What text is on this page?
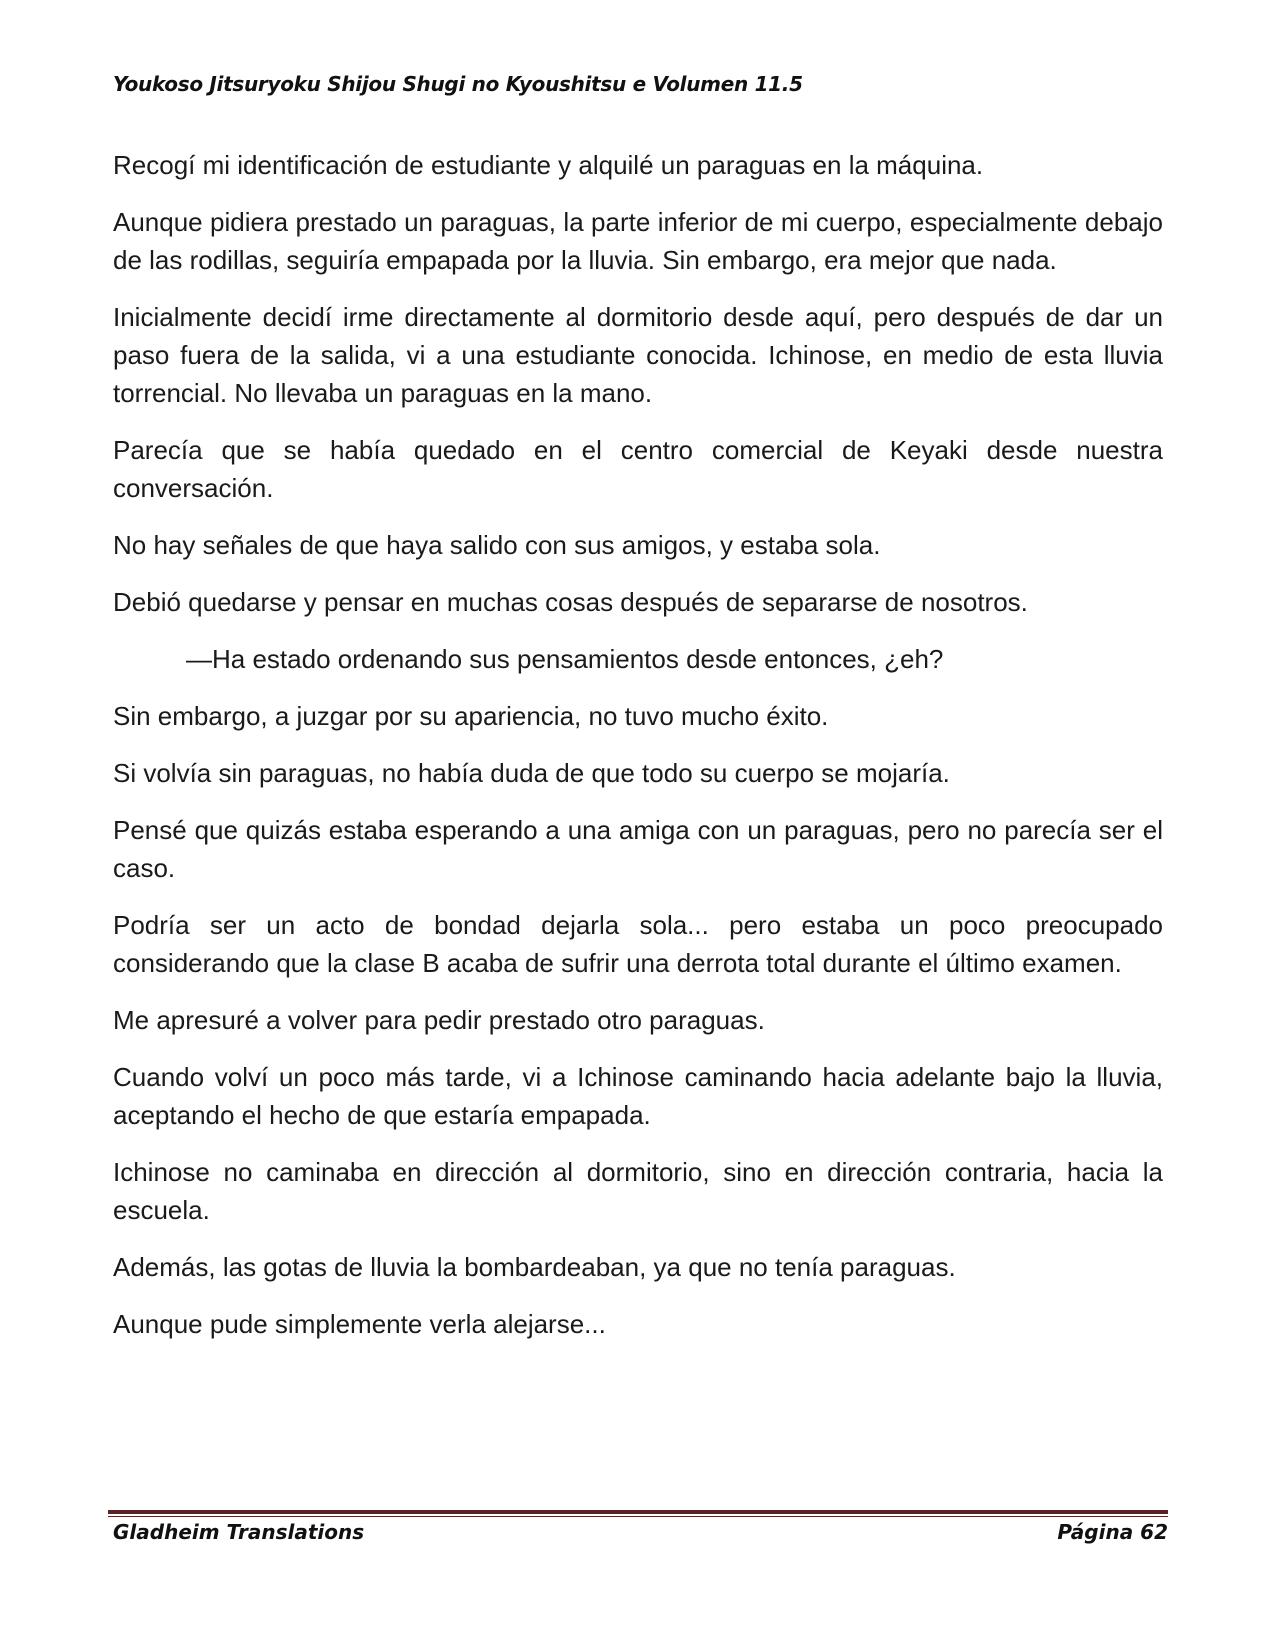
Youkoso Jitsuryoku Shijou Shugi no Kyoushitsu e Volumen 11.5

Recogí mi identificación de estudiante y alquilé un paraguas en la máquina.

Aunque pidiera prestado un paraguas, la parte inferior de mi cuerpo, especialmente debajo de las rodillas, seguiría empapada por la lluvia. Sin embargo, era mejor que nada.

Inicialmente decidí irme directamente al dormitorio desde aquí, pero después de dar un paso fuera de la salida, vi a una estudiante conocida. Ichinose, en medio de esta lluvia torrencial. No llevaba un paraguas en la mano.

Parecía que se había quedado en el centro comercial de Keyaki desde nuestra conversación.

No hay señales de que haya salido con sus amigos, y estaba sola.

Debió quedarse y pensar en muchas cosas después de separarse de nosotros.

—Ha estado ordenando sus pensamientos desde entonces, ¿eh?

Sin embargo, a juzgar por su apariencia, no tuvo mucho éxito.

Si volvía sin paraguas, no había duda de que todo su cuerpo se mojaría.

Pensé que quizás estaba esperando a una amiga con un paraguas, pero no parecía ser el caso.

Podría ser un acto de bondad dejarla sola... pero estaba un poco preocupado considerando que la clase B acaba de sufrir una derrota total durante el último examen.

Me apresuré a volver para pedir prestado otro paraguas.

Cuando volví un poco más tarde, vi a Ichinose caminando hacia adelante bajo la lluvia, aceptando el hecho de que estaría empapada.

Ichinose no caminaba en dirección al dormitorio, sino en dirección contraria, hacia la escuela.

Además, las gotas de lluvia la bombardeaban, ya que no tenía paraguas.

Aunque pude simplemente verla alejarse...

Gladheim Translations	Página 62
